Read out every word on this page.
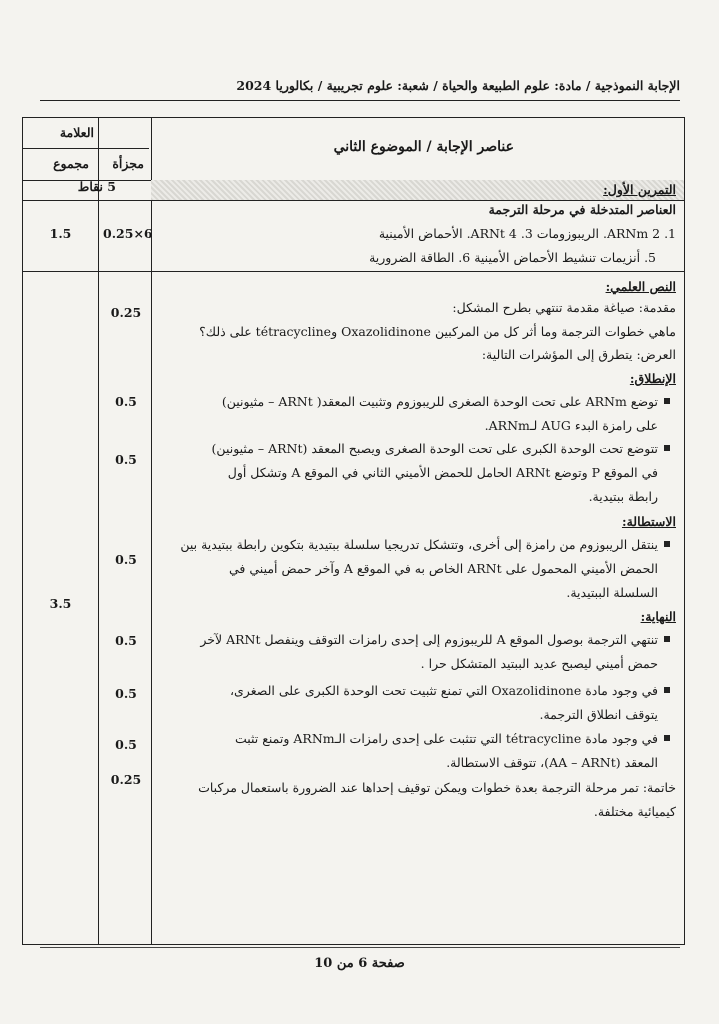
الإجابة النموذجية / مادة: علوم الطبيعة والحياة / شعبة: علوم تجريبية / بكالوريا 2024
عناصر الإجابة / الموضوع الثاني
العلامة
مجزأة
مجموع
التمرين الأول:
5 نقاط
العناصر المتدخلة في مرحلة الترجمة
1. ARNm 2. الريبوزومات 3. ARNt 4. الأحماض الأمينية
5. أنزيمات تنشيط الأحماض الأمينية 6. الطاقة الضرورية
0.25×6
1.5
النص العلمي:
مقدمة: صياغة مقدمة تنتهي بطرح المشكل:
ماهي خطوات الترجمة وما أثر كل من المركبين Oxazolidinone وtétracycline على ذلك؟
العرض: يتطرق إلى المؤشرات التالية:
الإنطلاق:
توضع ARNm على تحت الوحدة الصغرى للريبوزوم وتثبيت المعقد( ARNt – مثيونين)
على رامزة البدء AUG لـARNm.
تتوضع تحت الوحدة الكبرى على تحت الوحدة الصغرى ويصبح المعقد (ARNt – مثيونين)
في الموقع P وتوضع ARNt الحامل للحمض الأميني الثاني في الموقع A وتشكل أول
رابطة ببتيدية.
الاستطالة:
ينتقل الريبوزوم من رامزة إلى أخرى، وتتشكل تدريجيا سلسلة ببتيدية بتكوين رابطة ببتيدية بين
الحمض الأميني المحمول على ARNt الخاص به في الموقع A وآخر حمض أميني في
السلسلة الببتيدية.
النهاية:
تنتهي الترجمة بوصول الموقع A للريبوزوم إلى إحدى رامزات التوقف وينفصل ARNt لآخر
حمض أميني ليصبح عديد الببتيد المتشكل حرا .
في وجود مادة Oxazolidinone التي تمنع تثبيت تحت الوحدة الكبرى على الصغرى،
يتوقف انطلاق الترجمة.
في وجود مادة tétracycline التي تتثبت على إحدى رامزات الـARNm وتمنع تثبت
المعقد (AA – ARNt)، تتوقف الاستطالة.
خاتمة: تمر مرحلة الترجمة بعدة خطوات ويمكن توقيف إحداها عند الضرورة باستعمال مركبات
كيميائية مختلفة.
0.25
0.5
0.5
0.5
0.5
0.5
0.5
0.25
3.5
صفحة 6 من 10
